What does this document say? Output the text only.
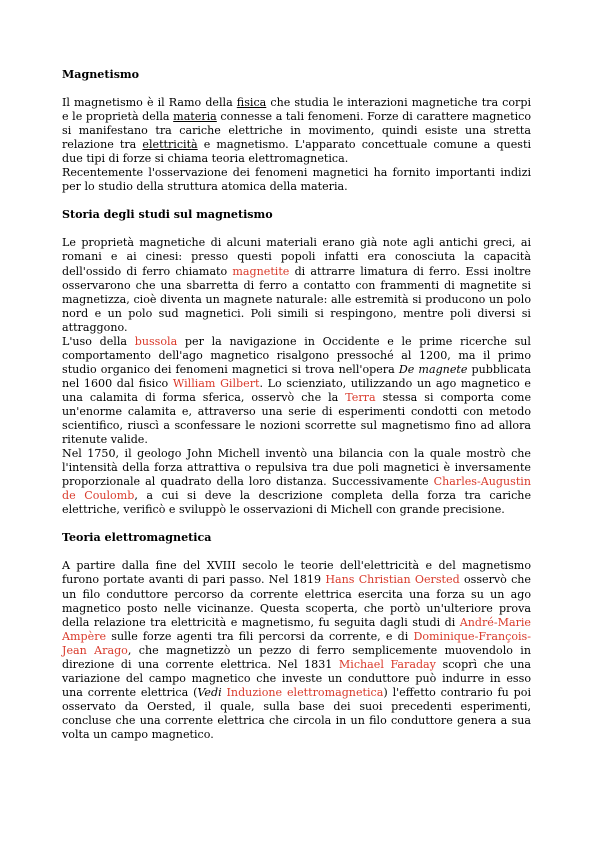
Magnetismo

Il magnetismo è il Ramo della fisica che studia le interazioni magnetiche tra corpi e le proprietà della materia connesse a tali fenomeni. Forze di carattere magnetico si manifestano tra cariche elettriche in movimento, quindi esiste una stretta relazione tra elettricità e magnetismo. L'apparato concettuale comune a questi due tipi di forze si chiama teoria elettromagnetica.

Recentemente l'osservazione dei fenomeni magnetici ha fornito importanti indizi per lo studio della struttura atomica della materia.

Storia degli studi sul magnetismo

Le proprietà magnetiche di alcuni materiali erano già note agli antichi greci, ai romani e ai cinesi: presso questi popoli infatti era conosciuta la capacità dell'ossido di ferro chiamato magnetite di attrarre limatura di ferro. Essi inoltre osservarono che una sbarretta di ferro a contatto con frammenti di magnetite si magnetizza, cioè diventa un magnete naturale: alle estremità si producono un polo nord e un polo sud magnetici. Poli simili si respingono, mentre poli diversi si attraggono.

L'uso della bussola per la navigazione in Occidente e le prime ricerche sul comportamento dell'ago magnetico risalgono pressoché al 1200, ma il primo studio organico dei fenomeni magnetici si trova nell'opera De magnete pubblicata nel 1600 dal fisico William Gilbert. Lo scienziato, utilizzando un ago magnetico e una calamita di forma sferica, osservò che la Terra stessa si comporta come un'enorme calamita e, attraverso una serie di esperimenti condotti con metodo scientifico, riuscì a sconfessare le nozioni scorrette sul magnetismo fino ad allora ritenute valide.

Nel 1750, il geologo John Michell inventò una bilancia con la quale mostrò che l'intensità della forza attrattiva o repulsiva tra due poli magnetici è inversamente proporzionale al quadrato della loro distanza. Successivamente Charles-Augustin de Coulomb, a cui si deve la descrizione completa della forza tra cariche elettriche, verificò e sviluppò le osservazioni di Michell con grande precisione.

Teoria elettromagnetica

A partire dalla fine del XVIII secolo le teorie dell'elettricità e del magnetismo furono portate avanti di pari passo. Nel 1819 Hans Christian Oersted osservò che un filo conduttore percorso da corrente elettrica esercita una forza su un ago magnetico posto nelle vicinanze. Questa scoperta, che portò un'ulteriore prova della relazione tra elettricità e magnetismo, fu seguita dagli studi di André-Marie Ampère sulle forze agenti tra fili percorsi da corrente, e di Dominique-François-Jean Arago, che magnetizzò un pezzo di ferro semplicemente muovendolo in direzione di una corrente elettrica. Nel 1831 Michael Faraday scoprì che una variazione del campo magnetico che investe un conduttore può indurre in esso una corrente elettrica (Vedi Induzione elettromagnetica) l'effetto contrario fu poi osservato da Oersted, il quale, sulla base dei suoi precedenti esperimenti, concluse che una corrente elettrica che circola in un filo conduttore genera a sua volta un campo magnetico.
